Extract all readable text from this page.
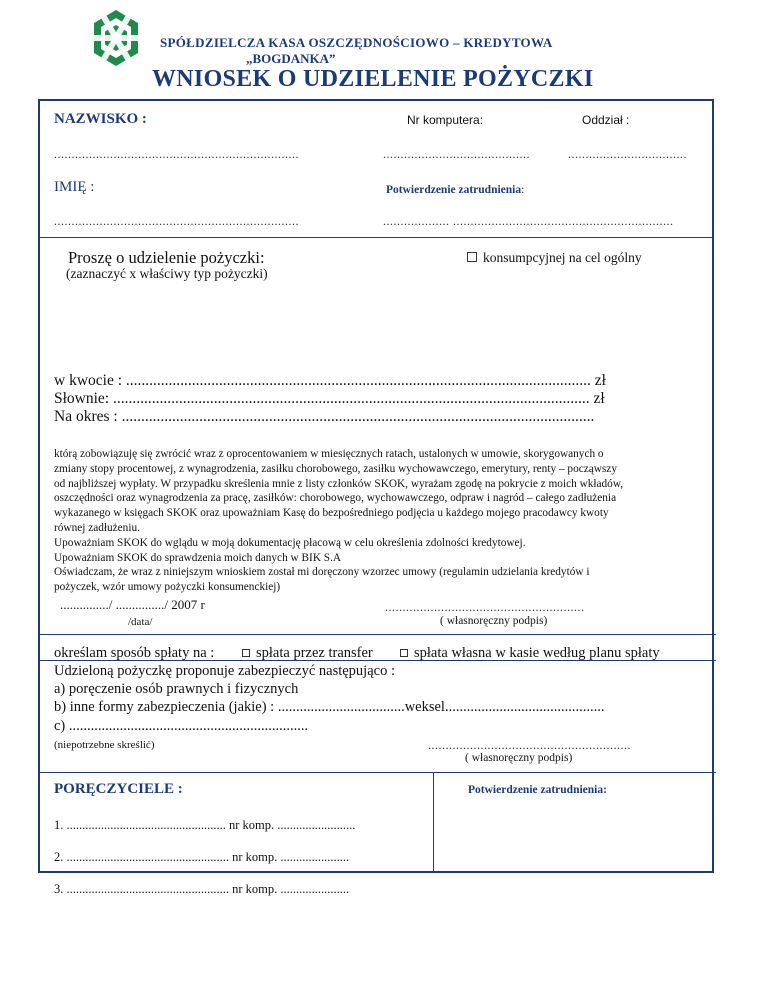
SPÓŁDZIELCZA KASA OSZCZĘDNOŚCIOWO – KREDYTOWA
„BOGDANKA”
WNIOSEK O UDZIELENIE POŻYCZKI
NAZWISKO :	Nr komputera:	Oddział :
......................................................................	..........................................	..................................
IMIĘ :	Potwierdzenie zatrudnienia:
......................................................................	................... ...............................................................
Proszę o udzielenie pożyczki:
(zaznaczyć x właściwy typ pożyczki)
konsumpcyjnej na cel ogólny
w kwocie : ........................................................................................................................ zł
Słownie: ........................................................................................................................... zł
Na okres : ..........................................................................................................................
którą zobowiązuję się zwrócić wraz z oprocentowaniem w miesięcznych ratach, ustalonych w umowie, skorygowanych o
zmiany stopy procentowej, z wynagrodzenia, zasiłku chorobowego, zasiłku wychowawczego, emerytury, renty – począwszy
od najbliższej wypłaty. W przypadku skreślenia mnie z listy członków SKOK, wyrażam zgodę na pokrycie z moich wkładów,
oszczędności oraz wynagrodzenia za pracę, zasiłków: chorobowego, wychowawczego, odpraw i nagród – całego zadłużenia
wykazanego w księgach SKOK oraz upoważniam Kasę do bezpośredniego podjęcia u każdego mojego pracodawcy kwoty
równej zadłużeniu.
Upoważniam SKOK do wglądu w moją dokumentację płacową w celu określenia zdolności kredytowej.
Upoważniam SKOK do sprawdzenia moich danych w BIK S.A
Oświadczam, że wraz z niniejszym wnioskiem został mi doręczony wzorzec umowy (regulamin udzielania kredytów i
pożyczek, wzór umowy pożyczki konsumenckiej)
.............../ .............../ 2007 r
/data/
.........................................................
( własnoręczny podpis)
określam sposób spłaty na :	spłata przez transfer	spłata własna w kasie według planu spłaty
Udzieloną pożyczkę proponuje zabezpieczyć następująco :
a) poręczenie osób prawnych i fizycznych
b) inne formy zabezpieczenia (jakie) : ...................................weksel............................................
c) ..................................................................
(niepotrzebne skreślić)	..........................................................
( własnoręczny podpis)
PORĘCZYCIELE :	Potwierdzenie zatrudnienia:
1. ................................................... nr komp. .........................
2. .................................................... nr komp. ......................
3. .................................................... nr komp. ......................
